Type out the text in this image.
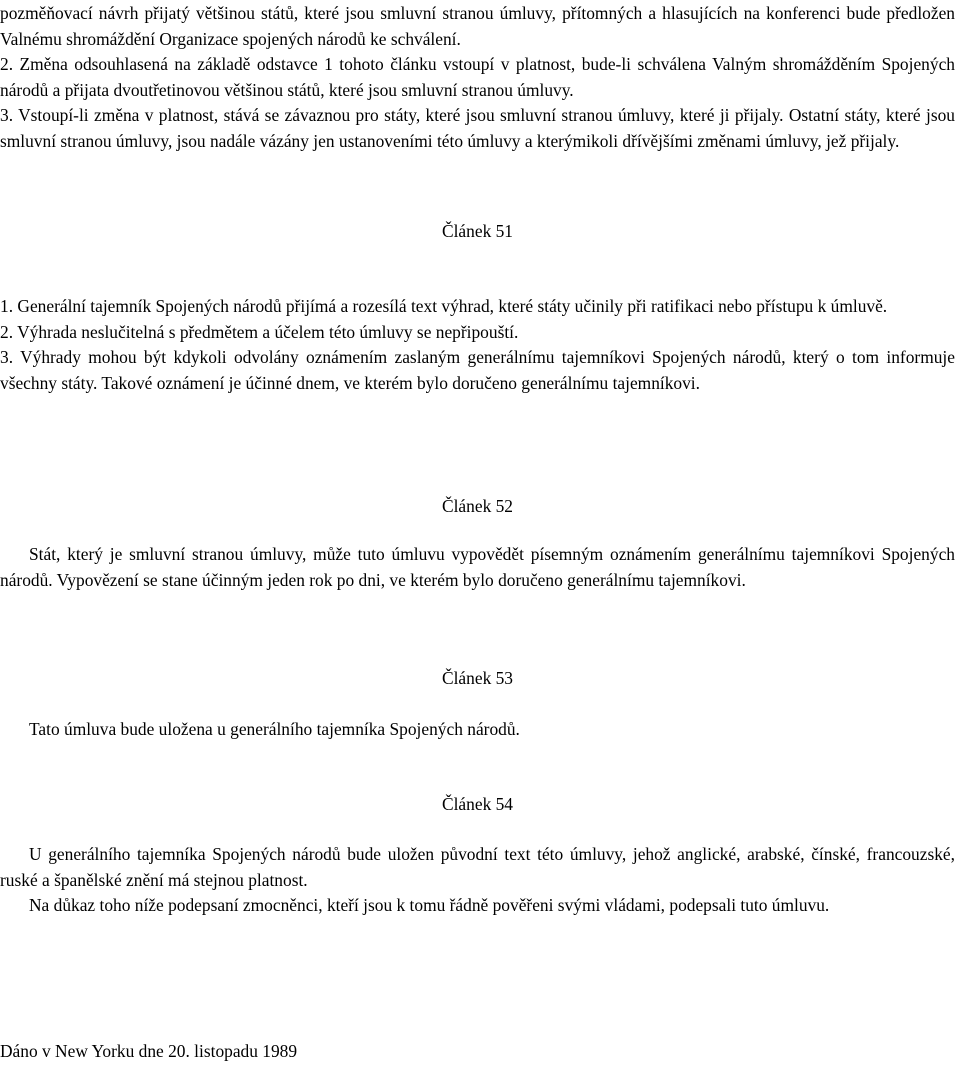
pozměňovací návrh přijatý většinou států, které jsou smluvní stranou úmluvy, přítomných a hlasujících na konferenci bude předložen Valnému shromáždění Organizace spojených národů ke schválení.

2. Změna odsouhlasená na základě odstavce 1 tohoto článku vstoupí v platnost, bude-li schválena Valným shromážděním Spojených národů a přijata dvoutřetinovou většinou států, které jsou smluvní stranou úmluvy.

3. Vstoupí-li změna v platnost, stává se závaznou pro státy, které jsou smluvní stranou úmluvy, které ji přijaly. Ostatní státy, které jsou smluvní stranou úmluvy, jsou nadále vázány jen ustanoveními této úmluvy a kterýmikoli dřívějšími změnami úmluvy, jež přijaly.

Článek 51

1. Generální tajemník Spojených národů přijímá a rozesílá text výhrad, které státy učinily při ratifikaci nebo přístupu k úmluvě.

2. Výhrada neslučitelná s předmětem a účelem této úmluvy se nepřipouští.

3. Výhrady mohou být kdykoli odvolány oznámením zaslaným generálnímu tajemníkovi Spojených národů, který o tom informuje všechny státy. Takové oznámení je účinné dnem, ve kterém bylo doručeno generálnímu tajemníkovi.

Článek 52

Stát, který je smluvní stranou úmluvy, může tuto úmluvu vypovědět písemným oznámením generálnímu tajemníkovi Spojených národů. Vypovězení se stane účinným jeden rok po dni, ve kterém bylo doručeno generálnímu tajemníkovi.

Článek 53

Tato úmluva bude uložena u generálního tajemníka Spojených národů.

Článek 54

U generálního tajemníka Spojených národů bude uložen původní text této úmluvy, jehož anglické, arabské, čínské, francouzské, ruské a španělské znění má stejnou platnost.

Na důkaz toho níže podepsaní zmocněnci, kteří jsou k tomu řádně pověřeni svými vládami, podepsali tuto úmluvu.

Dáno v New Yorku dne 20. listopadu 1989
